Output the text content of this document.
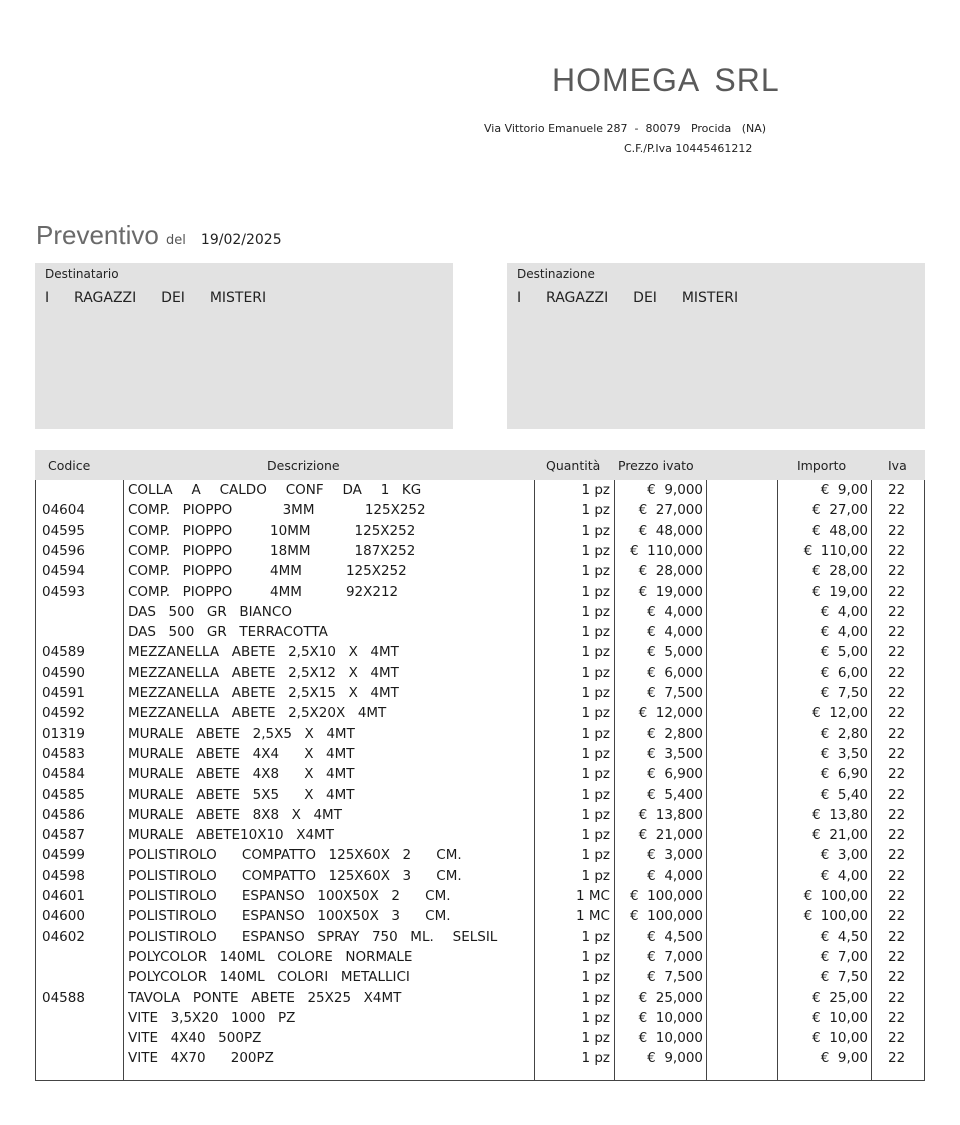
HOMEGA SRL
Via Vittorio Emanuele 287  -  80079   Procida   (NA)
C.F./P.Iva 10445461212
Preventivo del 19/02/2025
Destinatario
I  RAGAZZI  DEI  MISTERI
Destinazione
I  RAGAZZI  DEI  MISTERI
Codice	Descrizione	Quantità Prezzo ivato	Importo	Iva
COLLA   A   CALDO   CONF   DA   1  KG	1 pz	€  9,000	€  9,00 22
04604	COMP.  PIOPPO        3MM        125X252	1 pz €  27,000	€  27,00 22
04595	COMP.  PIOPPO      10MM       125X252	1 pz €  48,000	€  48,00 22
04596	COMP.  PIOPPO      18MM       187X252	1 pz €  110,000	€  110,00 22
04594	COMP.  PIOPPO      4MM       125X252	1 pz €  28,000	€  28,00 22
04593	COMP.  PIOPPO      4MM       92X212	1 pz €  19,000	€  19,00 22
DAS  500  GR  BIANCO	1 pz	€  4,000	€  4,00 22
DAS  500  GR  TERRACOTTA	1 pz	€  4,000	€  4,00 22
04589	MEZZANELLA  ABETE  2,5X10  X  4MT	1 pz	€  5,000	€  5,00 22
04590	MEZZANELLA  ABETE  2,5X12  X  4MT	1 pz	€  6,000	€  6,00 22
04591	MEZZANELLA  ABETE  2,5X15  X  4MT	1 pz	€  7,500	€  7,50 22
04592	MEZZANELLA  ABETE  2,5X20X  4MT	1 pz €  12,000	€  12,00 22
01319	MURALE  ABETE  2,5X5  X  4MT	1 pz	€  2,800	€  2,80 22
04583	MURALE  ABETE  4X4    X  4MT	1 pz	€  3,500	€  3,50 22
04584	MURALE  ABETE  4X8    X  4MT	1 pz	€  6,900	€  6,90 22
04585	MURALE  ABETE  5X5    X  4MT	1 pz	€  5,400	€  5,40 22
04586	MURALE  ABETE  8X8  X  4MT	1 pz €  13,800	€  13,80 22
04587	MURALE  ABETE10X10  X4MT	1 pz €  21,000	€  21,00 22
04599	POLISTIROLO    COMPATTO  125X60X  2    CM.	1 pz	€  3,000	€  3,00 22
04598	POLISTIROLO    COMPATTO  125X60X  3    CM.	1 pz	€  4,000	€  4,00 22
04601	POLISTIROLO    ESPANSO  100X50X  2    CM.	1 MC €  100,000	€  100,00 22
04600	POLISTIROLO    ESPANSO  100X50X  3    CM.	1 MC €  100,000	€  100,00 22
04602	POLISTIROLO    ESPANSO  SPRAY  750  ML.   SELSIL	1 pz	€  4,500	€  4,50 22
POLYCOLOR  140ML  COLORE  NORMALE	1 pz	€  7,000	€  7,00 22
POLYCOLOR  140ML  COLORI  METALLICI	1 pz	€  7,500	€  7,50 22
04588	TAVOLA  PONTE  ABETE  25X25  X4MT	1 pz €  25,000	€  25,00 22
VITE  3,5X20  1000  PZ	1 pz €  10,000	€  10,00 22
VITE  4X40  500PZ	1 pz €  10,000	€  10,00 22
VITE  4X70    200PZ	1 pz	€  9,000	€  9,00 22
